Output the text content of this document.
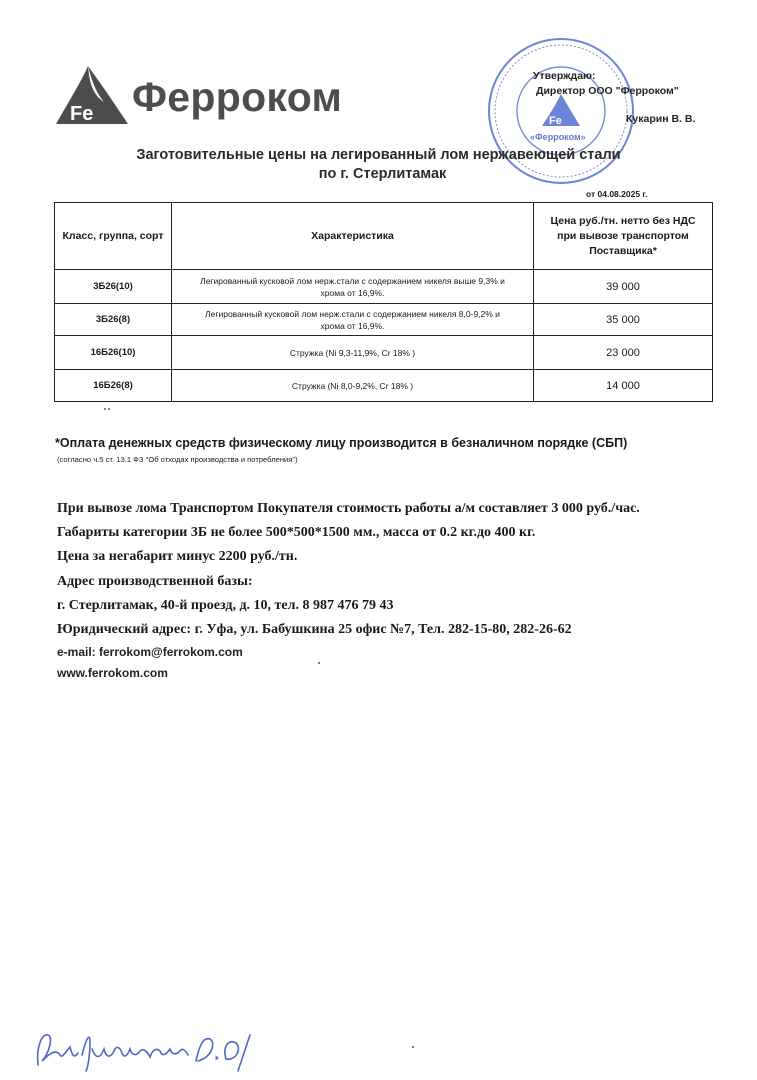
Fe Ферроком
Fe
«Ферроком»
Утверждаю:
Директор ООО "Ферроком"
Кукарин В. В.
Заготовительные цены на легированный лом нержавеющей стали
по г. Стерлитамак
от 04.08.2025 г.
Класс, группа, сорт	Характеристика	Цена руб./тн. нетто без НДС
при вывозе транспортом
Поставщика*

3Б26(10)	Легированный кусковой лом нерж.стали с содержанием никеля выше 9,3% и
хрома от 16,9%.	39 000
3Б26(8)	Легированный кусковой лом нерж.стали с содержанием никеля 8,0-9,2% и
хрома от 16,9%.	35 000
16Б26(10)	Стружка (Ni 9,3-11,9%, Cr 18% )	23 000
16Б26(8)	Стружка (Ni 8,0-9,2%, Cr 18% )	14 000
*Оплата денежных средств физическому лицу производится в безналичном порядке (СБП)
(согласно ч.5 ст. 13.1 ФЗ "Об отходах производства и потребления")
При вывозе лома Транспортом Покупателя стоимость работы а/м составляет 3 000 руб./час.
Габариты категории 3Б не более 500*500*1500 мм., масса от 0.2 кг.до 400 кг.
Цена за негабарит минус 2200 руб./тн.
Адрес производственной базы:
г. Стерлитамак, 40-й проезд, д. 10, тел. 8 987 476 79 43
Юридический адрес: г. Уфа, ул. Бабушкина 25 офис №7, Тел. 282-15-80, 282-26-62
e-mail: ferrokom@ferrokom.com
www.ferrokom.com
